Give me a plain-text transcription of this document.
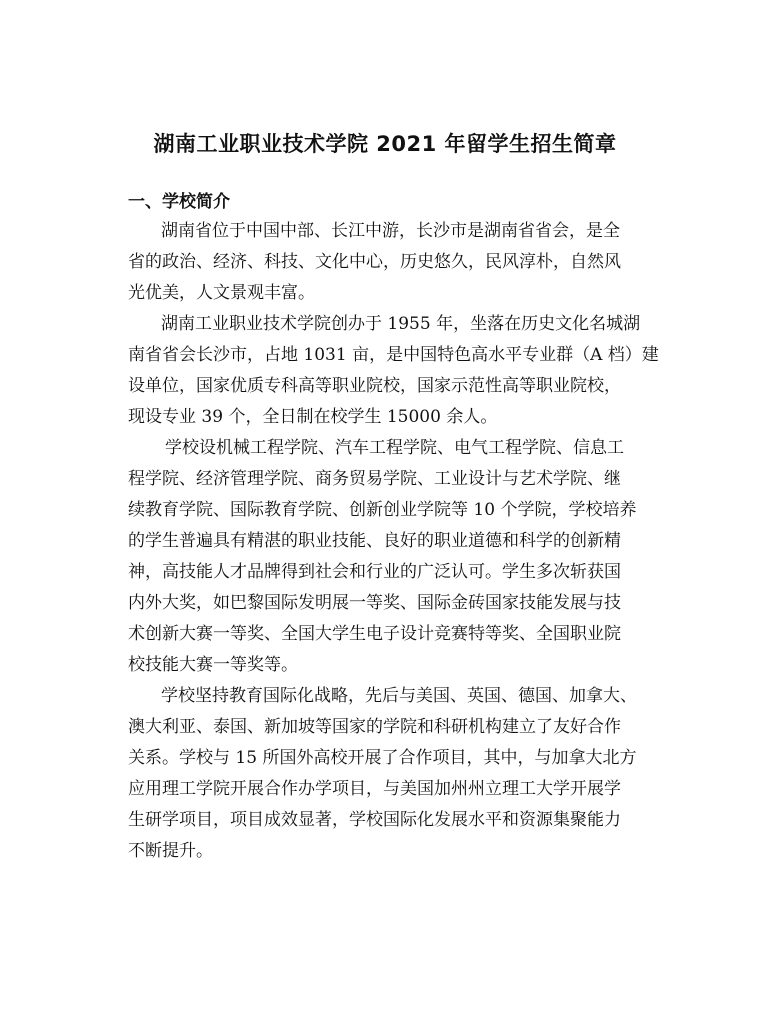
湖南工业职业技术学院 2021 年留学生招生简章
一、学校简介

湖南省位于中国中部、长江中游，长沙市是湖南省省会，是全

省的政治、经济、科技、文化中心，历史悠久，民风淳朴，自然风

光优美，人文景观丰富。

湖南工业职业技术学院创办于 1955 年，坐落在历史文化名城湖

南省省会长沙市，占地 1031 亩，是中国特色高水平专业群（A 档）建

设单位，国家优质专科高等职业院校，国家示范性高等职业院校，

现设专业 39 个，全日制在校学生 15000 余人。

学校设机械工程学院、汽车工程学院、电气工程学院、信息工

程学院、经济管理学院、商务贸易学院、工业设计与艺术学院、继

续教育学院、国际教育学院、创新创业学院等 10 个学院，学校培养

的学生普遍具有精湛的职业技能、良好的职业道德和科学的创新精

神，高技能人才品牌得到社会和行业的广泛认可。学生多次斩获国

内外大奖，如巴黎国际发明展一等奖、国际金砖国家技能发展与技

术创新大赛一等奖、全国大学生电子设计竞赛特等奖、全国职业院

校技能大赛一等奖等。

学校坚持教育国际化战略，先后与美国、英国、德国、加拿大、

澳大利亚、泰国、新加坡等国家的学院和科研机构建立了友好合作

关系。学校与 15 所国外高校开展了合作项目，其中，与加拿大北方

应用理工学院开展合作办学项目，与美国加州州立理工大学开展学

生研学项目，项目成效显著，学校国际化发展水平和资源集聚能力

不断提升。
